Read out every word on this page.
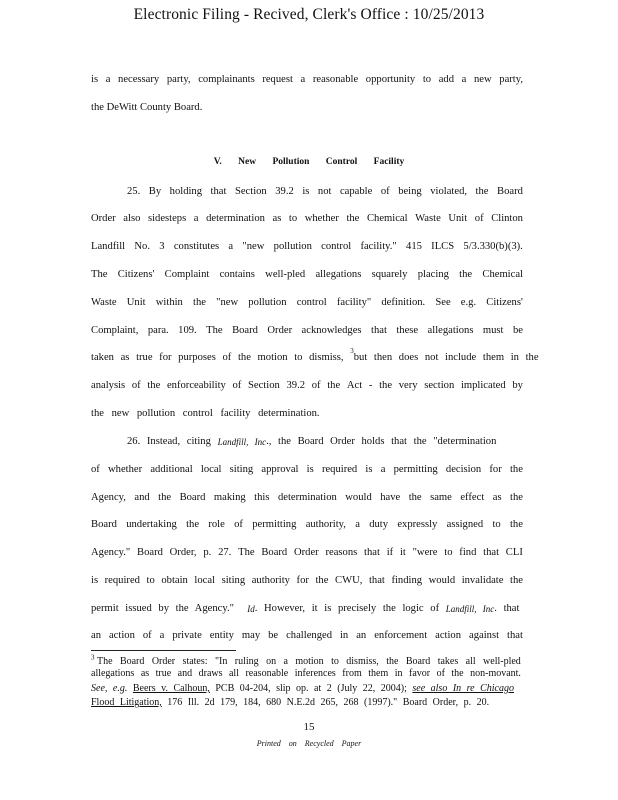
Electronic Filing - Recived, Clerk's Office : 10/25/2013
is a necessary party, complainants request a reasonable opportunity to add a new party,
the DeWitt County Board.
V. New Pollution Control Facility
25. By holding that Section 39.2 is not capable of being violated, the Board
Order also sidesteps a determination as to whether the Chemical Waste Unit of Clinton
Landfill No. 3 constitutes a "new pollution control facility." 415 ILCS 5/3.330(b)(3).
The Citizens' Complaint contains well-pled allegations squarely placing the Chemical
Waste Unit within the "new pollution control facility" definition. See e.g. Citizens'
Complaint, para. 109. The Board Order acknowledges that these allegations must be
taken as true for purposes of the motion to dismiss,

3
but then does not include them in the
analysis of the enforceability of Section 39.2 of the Act - the very section implicated by
the new pollution control facility determination.
26. Instead, citing
Landfill, Inc ., the Board Order holds that the "determination
of whether additional local siting approval is required is a permitting decision for the
Agency, and the Board making this determination would have the same effect as the
Board undertaking the role of permitting authority, a duty expressly assigned to the
Agency." Board Order, p. 27. The Board Order reasons that if it "were to find that CLI
is required to obtain local siting authority for the CWU, that finding would invalidate the
permit issued by the Agency."
Id . However, it is precisely the logic of
Landfill, Inc . that
an action of a private entity may be challenged in an enforcement action against that
$^3$ The Board Order states: "In ruling on a motion to dismiss, the Board takes all well-pled
allegations as true and draws all reasonable inferences from them in favor of the non-movant.
See , e.g.
Beers v. Calhoun,
PCB 04-204, slip op. at 2 (July 22, 2004);
see also In re Chicago
Flood Litigation,
176 Ill. 2d 179, 184, 680 N.E.2d 265, 268 (1997)." Board Order, p. 20.
15
Printed on Recycled Paper
